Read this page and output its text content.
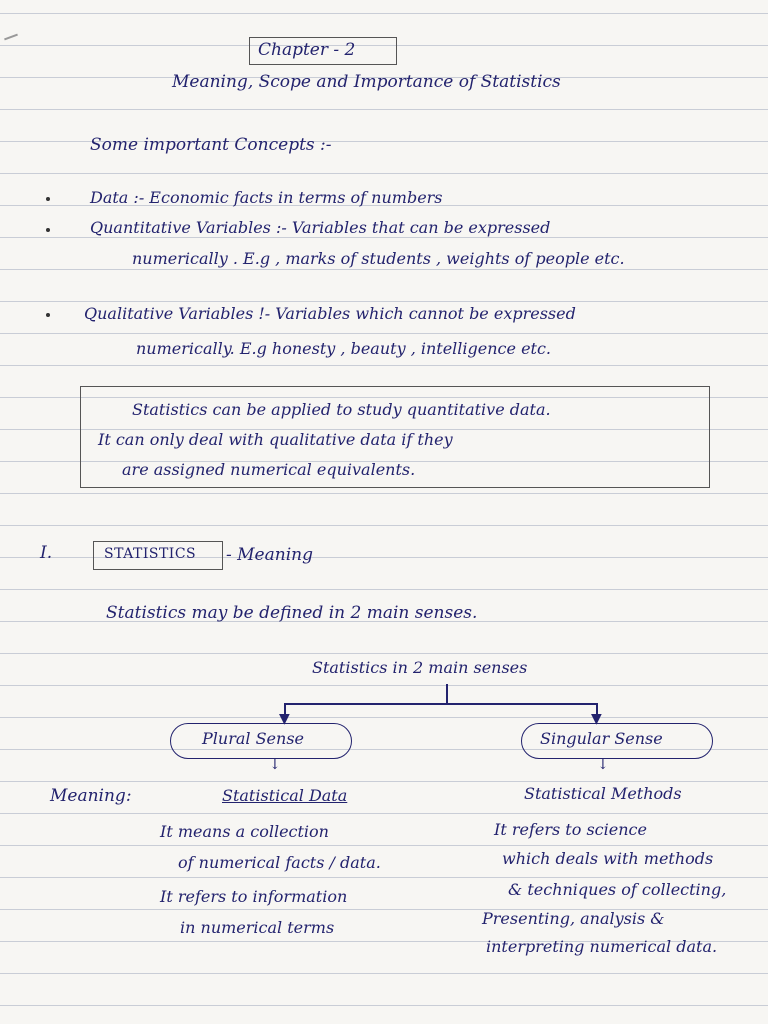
Chapter - 2
Meaning, Scope and Importance of Statistics
Some important Concepts :-
Data :- Economic facts in terms of numbers
Quantitative Variables :- Variables that can be expressed
numerically . E.g , marks of students , weights of people etc.
Qualitative Variables !- Variables which cannot be expressed
numerically. E.g honesty , beauty , intelligence etc.
Statistics can be applied to study quantitative data.
It can only deal with qualitative data if they
are assigned numerical equivalents.
I.	STATISTICS - Meaning
Statistics may be defined in 2 main senses.
Statistics in 2 main senses
▼	▼
Plural Sense	Singular Sense
↓	↓
Meaning:	Statistical Data	Statistical Methods
It means a collection
of numerical facts / data.
It refers to information
in numerical terms
It refers to science
which deals with methods
& techniques of collecting,
Presenting, analysis &
interpreting numerical data.
